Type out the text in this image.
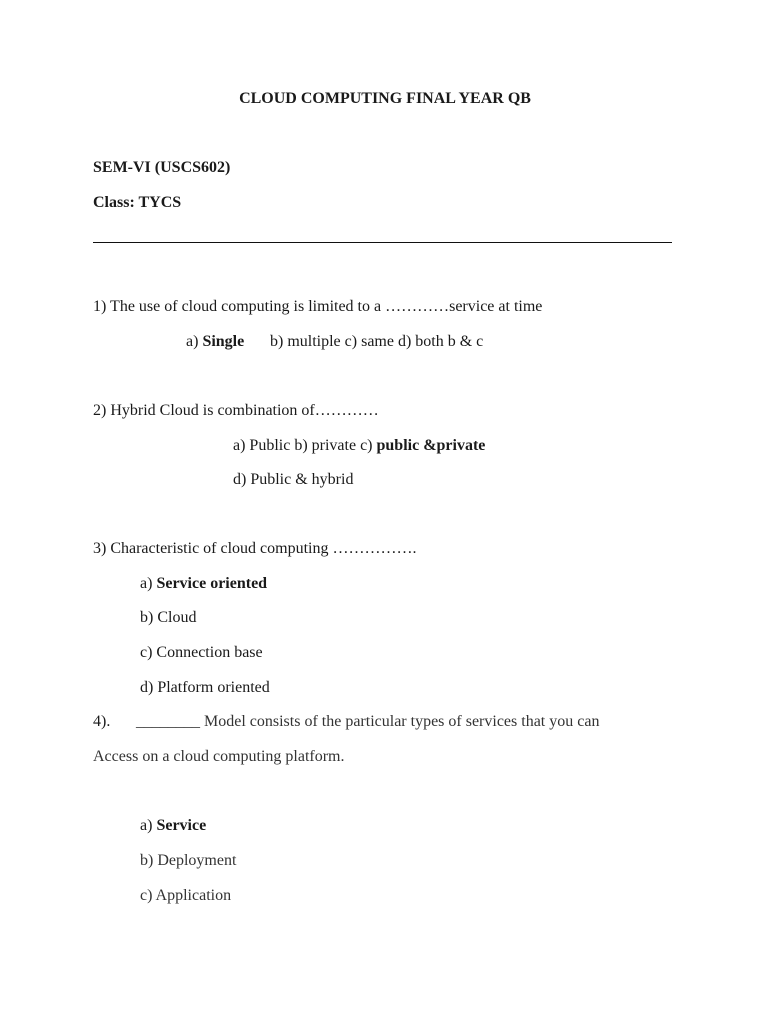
CLOUD COMPUTING FINAL YEAR QB
SEM-VI (USCS602)
Class: TYCS
1) The use of cloud computing is limited to a …………service at time
a) Single b) multiple c) same d) both b & c
2) Hybrid Cloud is combination of…………
a) Public b) private c) public &private
d) Public & hybrid
3) Characteristic of cloud computing …………….
a) Service oriented
b) Cloud
c) Connection base
d) Platform oriented
4). ________ Model consists of the particular types of services that you can
Access on a cloud computing platform.
a) Service
b) Deployment
c) Application
